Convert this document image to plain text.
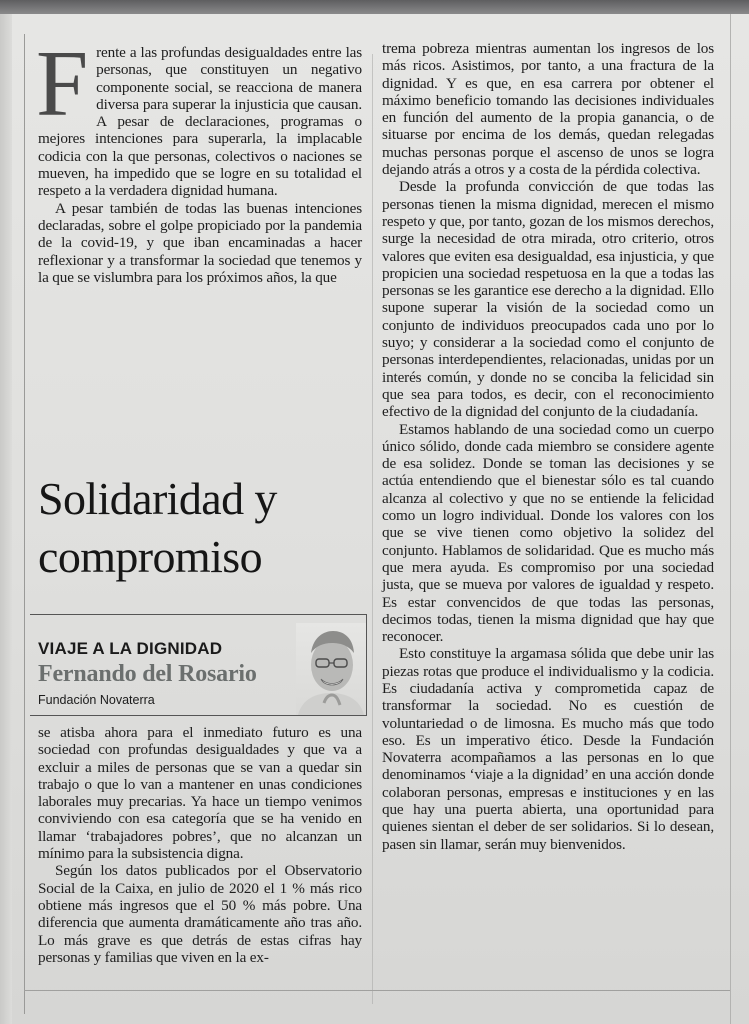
F rente a las profundas desigualdades entre las personas, que constituyen un negativo componente social, se reacciona de manera diversa para superar la injusticia que causan. A pesar de declaraciones, programas o mejores intenciones para superarla, la implacable codicia con la que personas, colectivos o naciones se mueven, ha impedido que se logre en su totalidad el respeto a la verdadera dignidad humana.

A pesar también de todas las buenas intenciones declaradas, sobre el golpe propiciado por la pandemia de la covid-19, y que iban encaminadas a hacer reflexionar y a transformar la sociedad que tenemos y la que se vislumbra para los próximos años, la que

Solidaridad y compromiso

VIAJE A LA DIGNIDAD

Fernando del Rosario

Fundación Novaterra

se atisba ahora para el inmediato futuro es una sociedad con profundas desigualdades y que va a excluir a miles de personas que se van a quedar sin trabajo o que lo van a mantener en unas condiciones laborales muy precarias. Ya hace un tiempo venimos conviviendo con esa categoría que se ha venido en llamar ‘trabajadores pobres’, que no alcanzan un mínimo para la subsistencia digna.

Según los datos publicados por el Observatorio Social de la Caixa, en julio de 2020 el 1 % más rico obtiene más ingresos que el 50 % más pobre. Una diferencia que aumenta dramáticamente año tras año. Lo más grave es que detrás de estas cifras hay personas y familias que viven en la ex-

trema pobreza mientras aumentan los ingresos de los más ricos. Asistimos, por tanto, a una fractura de la dignidad. Y es que, en esa carrera por obtener el máximo beneficio tomando las decisiones individuales en función del aumento de la propia ganancia, o de situarse por encima de los demás, quedan relegadas muchas personas porque el ascenso de unos se logra dejando atrás a otros y a costa de la pérdida colectiva.

Desde la profunda convicción de que todas las personas tienen la misma dignidad, merecen el mismo respeto y que, por tanto, gozan de los mismos derechos, surge la necesidad de otra mirada, otro criterio, otros valores que eviten esa desigualdad, esa injusticia, y que propicien una sociedad respetuosa en la que a todas las personas se les garantice ese derecho a la dignidad. Ello supone superar la visión de la sociedad como un conjunto de individuos preocupados cada uno por lo suyo; y considerar a la sociedad como el conjunto de personas interdependientes, relacionadas, unidas por un interés común, y donde no se conciba la felicidad sin que sea para todos, es decir, con el reconocimiento efectivo de la dignidad del conjunto de la ciudadanía.

Estamos hablando de una sociedad como un cuerpo único sólido, donde cada miembro se considere agente de esa solidez. Donde se toman las decisiones y se actúa entendiendo que el bienestar sólo es tal cuando alcanza al colectivo y que no se entiende la felicidad como un logro individual. Donde los valores con los que se vive tienen como objetivo la solidez del conjunto. Hablamos de solidaridad. Que es mucho más que mera ayuda. Es compromiso por una sociedad justa, que se mueva por valores de igualdad y respeto. Es estar convencidos de que todas las personas, decimos todas, tienen la misma dignidad que hay que reconocer.

Esto constituye la argamasa sólida que debe unir las piezas rotas que produce el individualismo y la codicia. Es ciudadanía activa y comprometida capaz de transformar la sociedad. No es cuestión de voluntariedad o de limosna. Es mucho más que todo eso. Es un imperativo ético. Desde la Fundación Novaterra acompañamos a las personas en lo que denominamos ‘viaje a la dignidad’ en una acción donde colaboran personas, empresas e instituciones y en las que hay una puerta abierta, una oportunidad para quienes sientan el deber de ser solidarios. Si lo desean, pasen sin llamar, serán muy bienvenidos.
